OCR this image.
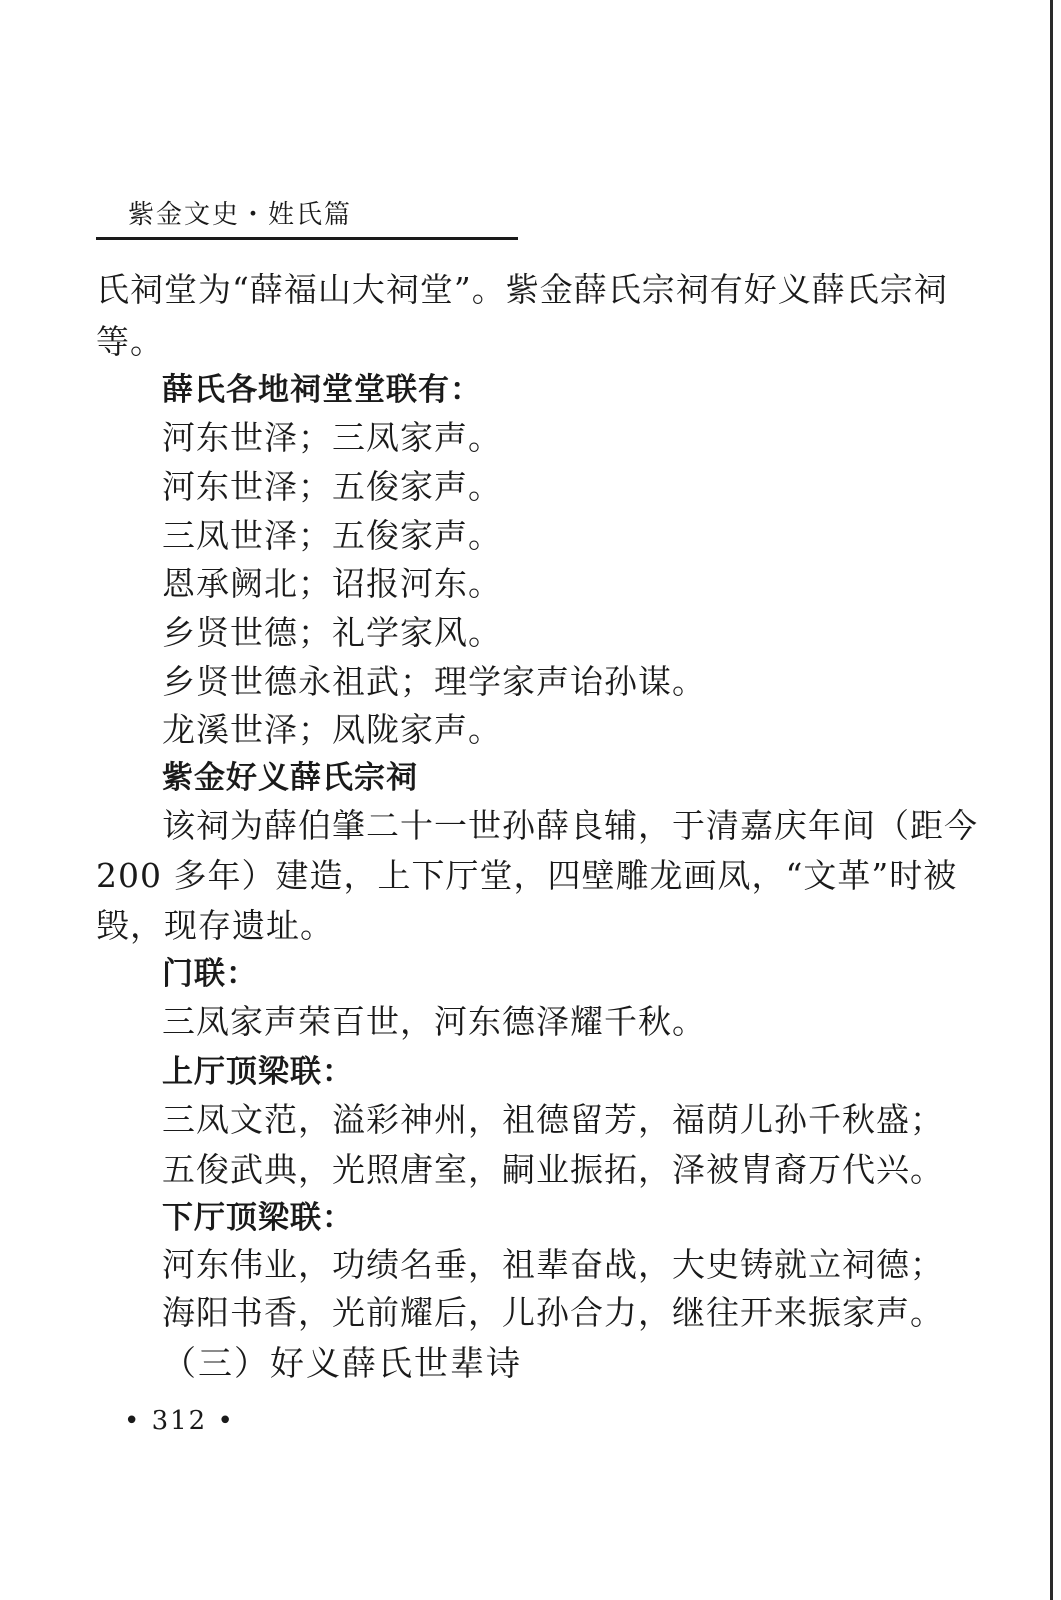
紫金文史・姓氏篇
氏祠堂为“薛福山大祠堂”。紫金薛氏宗祠有好义薛氏宗祠
等。
薛氏各地祠堂堂联有：
河东世泽；三凤家声。
河东世泽；五俊家声。
三凤世泽；五俊家声。
恩承阙北；诏报河东。
乡贤世德；礼学家风。
乡贤世德永祖武；理学家声诒孙谋。
龙溪世泽；凤陇家声。
紫金好义薛氏宗祠
该祠为薛伯肇二十一世孙薛良辅，于清嘉庆年间（距今
200 多年）建造，上下厅堂，四壁雕龙画凤，“文革”时被
毁，现存遗址。
门联：
三凤家声荣百世，河东德泽耀千秋。
上厅顶梁联：
三凤文范，溢彩神州，祖德留芳，福荫儿孙千秋盛；
五俊武典，光照唐室，嗣业振拓，泽被胄裔万代兴。
下厅顶梁联：
河东伟业，功绩名垂，祖辈奋战，大史铸就立祠德；
海阳书香，光前耀后，儿孙合力，继往开来振家声。
（三）好义薛氏世辈诗
• 312 •
